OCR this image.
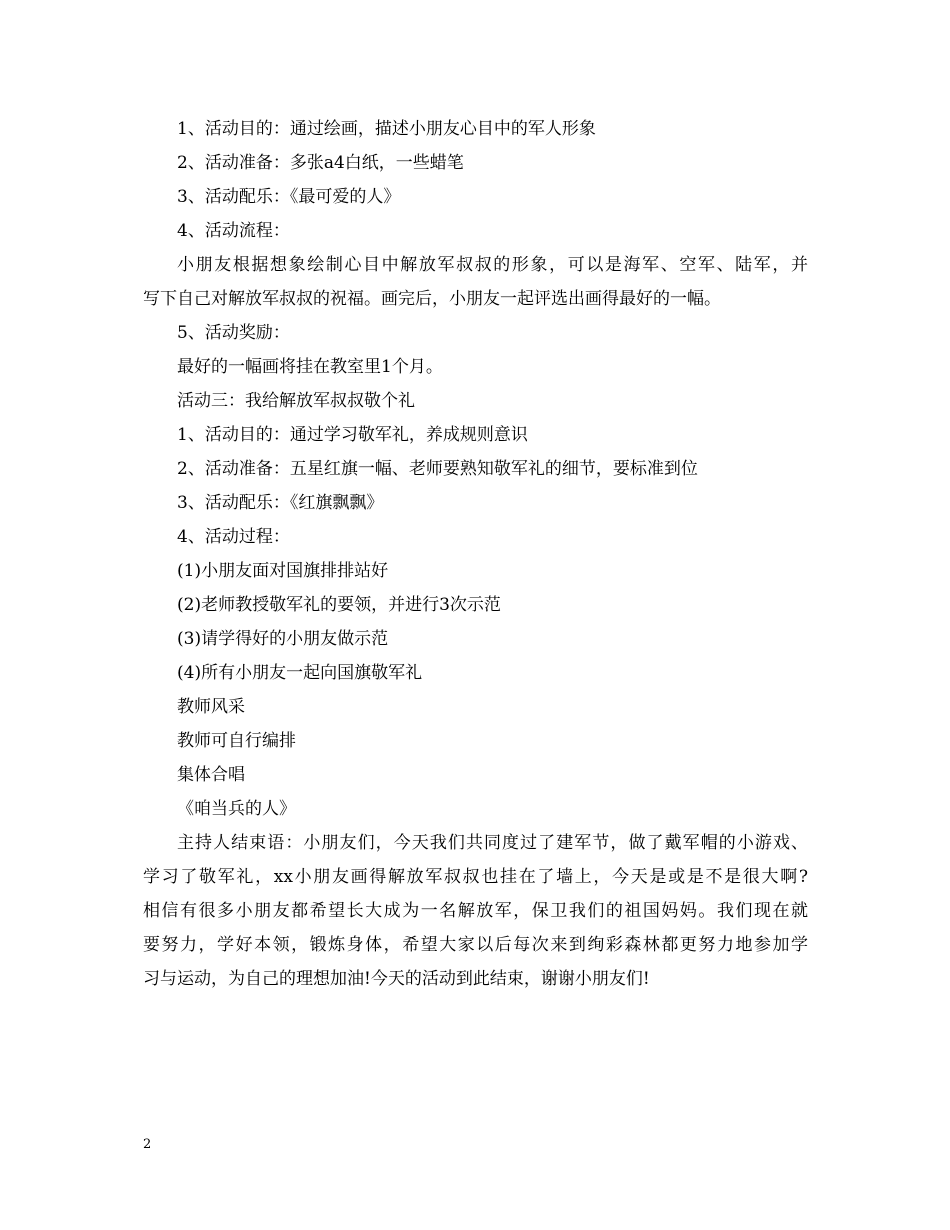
1、活动目的：通过绘画，描述小朋友心目中的军人形象
2、活动准备：多张a4白纸，一些蜡笔
3、活动配乐：《最可爱的人》
4、活动流程：
小朋友根据想象绘制心目中解放军叔叔的形象，可以是海军、空军、陆军，并
写下自己对解放军叔叔的祝福。画完后，小朋友一起评选出画得最好的一幅。
5、活动奖励：
最好的一幅画将挂在教室里1个月。
活动三：我给解放军叔叔敬个礼
1、活动目的：通过学习敬军礼，养成规则意识
2、活动准备：五星红旗一幅、老师要熟知敬军礼的细节，要标准到位
3、活动配乐：《红旗飘飘》
4、活动过程：
(1)小朋友面对国旗排排站好
(2)老师教授敬军礼的要领，并进行3次示范
(3)请学得好的小朋友做示范
(4)所有小朋友一起向国旗敬军礼
教师风采
教师可自行编排
集体合唱
《咱当兵的人》
主持人结束语：小朋友们，今天我们共同度过了建军节，做了戴军帽的小游戏、
学习了敬军礼，xx小朋友画得解放军叔叔也挂在了墙上，今天是或是不是很大啊?
相信有很多小朋友都希望长大成为一名解放军，保卫我们的祖国妈妈。我们现在就
要努力，学好本领，锻炼身体，希望大家以后每次来到绚彩森林都更努力地参加学
习与运动，为自己的理想加油!今天的活动到此结束，谢谢小朋友们!
2
